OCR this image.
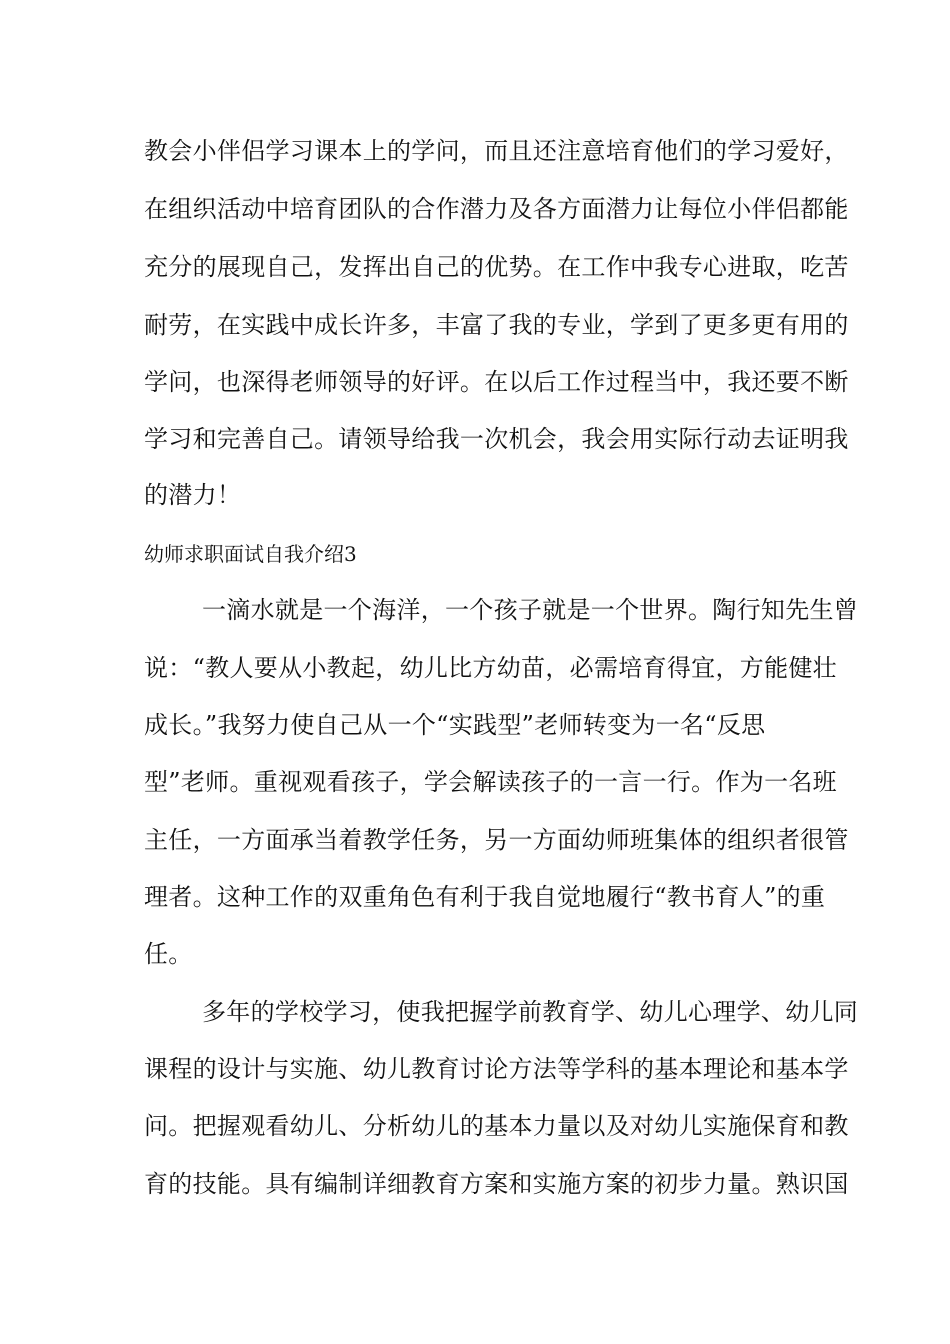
教会小伴侣学习课本上的学问，而且还注意培育他们的学习爱好，
在组织活动中培育团队的合作潜力及各方面潜力让每位小伴侣都能
充分的展现自己，发挥出自己的优势。在工作中我专心进取，吃苦
耐劳，在实践中成长许多，丰富了我的专业，学到了更多更有用的
学问，也深得老师领导的好评。在以后工作过程当中，我还要不断
学习和完善自己。请领导给我一次机会，我会用实际行动去证明我
的潜力！
幼师求职面试自我介绍3
一滴水就是一个海洋，一个孩子就是一个世界。陶行知先生曾
说：“教人要从小教起，幼儿比方幼苗，必需培育得宜，方能健壮
成长。”我努力使自己从一个“实践型”老师转变为一名“反思
型”老师。重视观看孩子，学会解读孩子的一言一行。作为一名班
主任，一方面承当着教学任务，另一方面幼师班集体的组织者很管
理者。这种工作的双重角色有利于我自觉地履行“教书育人”的重
任。
多年的学校学习，使我把握学前教育学、幼儿心理学、幼儿同
课程的设计与实施、幼儿教育讨论方法等学科的基本理论和基本学
问。把握观看幼儿、分析幼儿的基本力量以及对幼儿实施保育和教
育的技能。具有编制详细教育方案和实施方案的初步力量。熟识国
